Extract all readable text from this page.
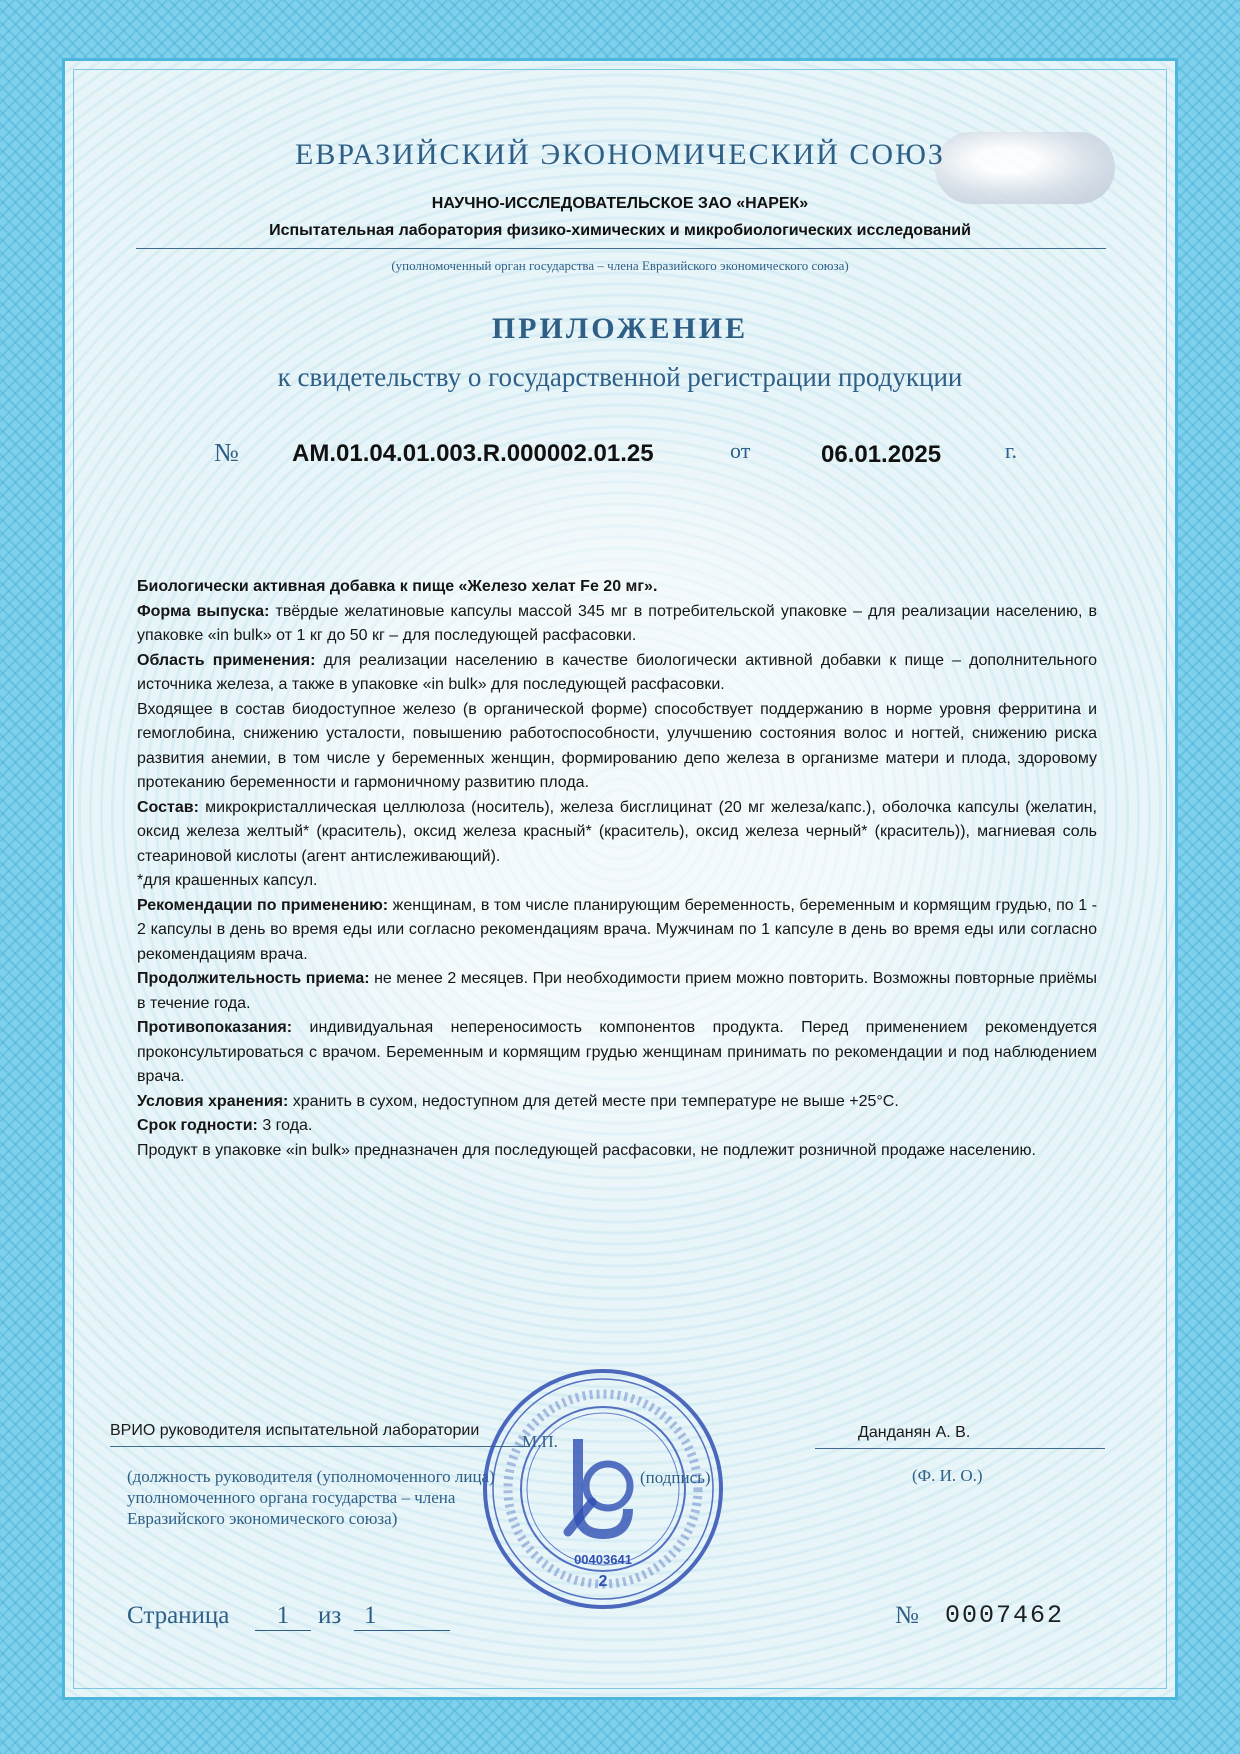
ЕВРАЗИЙСКИЙ ЭКОНОМИЧЕСКИЙ СОЮЗ
НАУЧНО-ИССЛЕДОВАТЕЛЬСКОЕ ЗАО «НАРЕК»
Испытательная лаборатория физико-химических и микробиологических исследований
(уполномоченный орган государства – члена Евразийского экономического союза)
ПРИЛОЖЕНИЕ
к свидетельству о государственной регистрации продукции
№ AM.01.04.01.003.R.000002.01.25	от	06.01.2025	г.

Биологически активная добавка к пище «Железо хелат Fe 20 мг».

Форма выпуска: твёрдые желатиновые капсулы массой 345 мг в потребительской упаковке – для реализации населению, в упаковке «in bulk» от 1 кг до 50 кг – для последующей расфасовки.

Область применения: для реализации населению в качестве биологически активной добавки к пище – дополнительного источника железа, а также в упаковке «in bulk» для последующей расфасовки.

Входящее в состав биодоступное железо (в органической форме) способствует поддержанию в норме уровня ферритина и гемоглобина, снижению усталости, повышению работоспособности, улучшению состояния волос и ногтей, снижению риска развития анемии, в том числе у беременных женщин, формированию депо железа в организме матери и плода, здоровому протеканию беременности и гармоничному развитию плода.

Состав: микрокристаллическая целлюлоза (носитель), железа бисглицинат (20 мг железа/капс.), оболочка капсулы (желатин, оксид железа желтый* (краситель), оксид железа красный* (краситель), оксид железа черный* (краситель)), магниевая соль стеариновой кислоты (агент антислеживающий).

*для крашенных капсул.

Рекомендации по применению: женщинам, в том числе планирующим беременность, беременным и кормящим грудью, по 1 - 2 капсулы в день во время еды или согласно рекомендациям врача. Мужчинам по 1 капсуле в день во время еды или согласно рекомендациям врача.

Продолжительность приема: не менее 2 месяцев. При необходимости прием можно повторить. Возможны повторные приёмы в течение года.

Противопоказания: индивидуальная непереносимость компонентов продукта. Перед применением рекомендуется проконсультироваться с врачом. Беременным и кормящим грудью женщинам принимать по рекомендации и под наблюдением врача.

Условия хранения: хранить в сухом, недоступном для детей месте при температуре не выше +25°С.

Срок годности: 3 года.

Продукт в упаковке «in bulk» предназначен для последующей расфасовки, не подлежит розничной продаже населению.

ВРИО руководителя испытательной лаборатории
М.П.
(подпись)
Данданян А. В.
(Ф. И. О.)
(должность руководителя (уполномоченного лица) уполномоченного органа государства – члена Евразийского экономического союза)
00403641
2
Страница	1	из 1	№ 0007462
